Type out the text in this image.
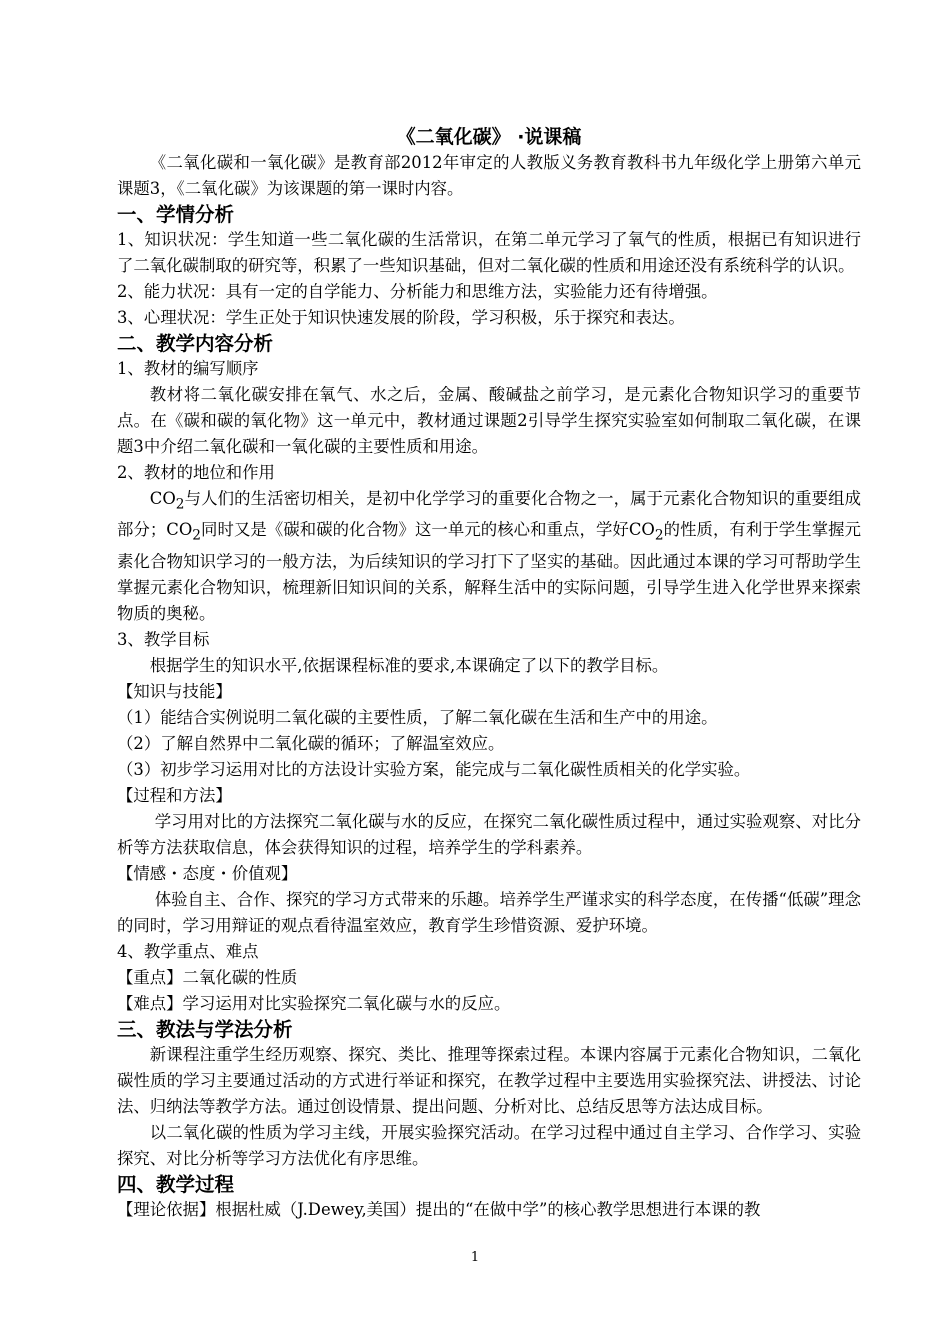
《二氧化碳》 ·说课稿

《二氧化碳和一氧化碳》是教育部2012年审定的人教版义务教育教科书九年级化学上册第六单元课题3，《二氧化碳》为该课题的第一课时内容。

一、学情分析

1、知识状况：学生知道一些二氧化碳的生活常识，在第二单元学习了氧气的性质，根据已有知识进行了二氧化碳制取的研究等，积累了一些知识基础，但对二氧化碳的性质和用途还没有系统科学的认识。

2、能力状况：具有一定的自学能力、分析能力和思维方法，实验能力还有待增强。

3、心理状况：学生正处于知识快速发展的阶段，学习积极，乐于探究和表达。

二、教学内容分析

1、教材的编写顺序

教材将二氧化碳安排在氧气、水之后，金属、酸碱盐之前学习，是元素化合物知识学习的重要节点。在《碳和碳的氧化物》这一单元中，教材通过课题2引导学生探究实验室如何制取二氧化碳，在课题3中介绍二氧化碳和一氧化碳的主要性质和用途。

2、教材的地位和作用

$CO_2$与人们的生活密切相关，是初中化学学习的重要化合物之一，属于元素化合物知识的重要组成部分；$CO_2$同时又是《碳和碳的化合物》这一单元的核心和重点，学好$CO_2$的性质，有利于学生掌握元素化合物知识学习的一般方法，为后续知识的学习打下了坚实的基础。因此通过本课的学习可帮助学生掌握元素化合物知识，梳理新旧知识间的关系，解释生活中的实际问题，引导学生进入化学世界来探索物质的奥秘。

3、教学目标

根据学生的知识水平,依据课程标准的要求,本课确定了以下的教学目标。

【知识与技能】

（1）能结合实例说明二氧化碳的主要性质，了解二氧化碳在生活和生产中的用途。

（2）了解自然界中二氧化碳的循环；了解温室效应。

（3）初步学习运用对比的方法设计实验方案，能完成与二氧化碳性质相关的化学实验。

【过程和方法】

学习用对比的方法探究二氧化碳与水的反应，在探究二氧化碳性质过程中，通过实验观察、对比分析等方法获取信息，体会获得知识的过程，培养学生的学科素养。

【情感・态度・价值观】

体验自主、合作、探究的学习方式带来的乐趣。培养学生严谨求实的科学态度，在传播“低碳”理念的同时，学习用辩证的观点看待温室效应，教育学生珍惜资源、爱护环境。

4、教学重点、难点

【重点】二氧化碳的性质

【难点】学习运用对比实验探究二氧化碳与水的反应。

三、教法与学法分析

新课程注重学生经历观察、探究、类比、推理等探索过程。本课内容属于元素化合物知识，二氧化碳性质的学习主要通过活动的方式进行举证和探究，在教学过程中主要选用实验探究法、讲授法、讨论法、归纳法等教学方法。通过创设情景、提出问题、分析对比、总结反思等方法达成目标。

以二氧化碳的性质为学习主线，开展实验探究活动。在学习过程中通过自主学习、合作学习、实验探究、对比分析等学习方法优化有序思维。

四、教学过程

【理论依据】根据杜威（J.Dewey,美国）提出的“在做中学”的核心教学思想进行本课的教

1
